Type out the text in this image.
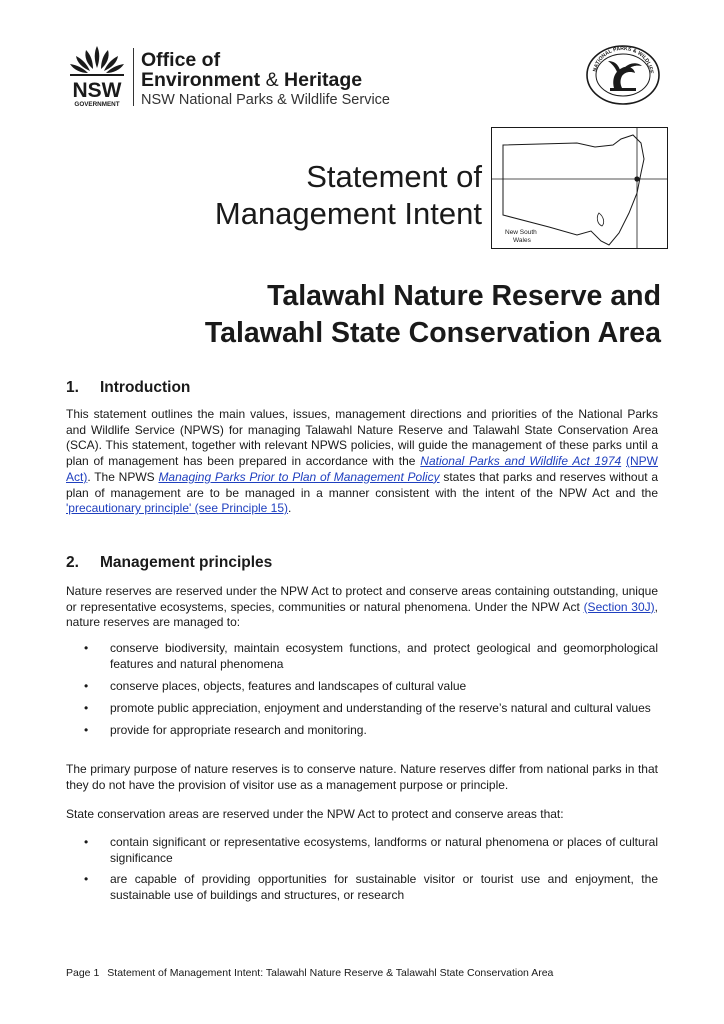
NSW
GOVERNMENT
Office of
Environment & Heritage
NSW National Parks & Wildlife Service
NATIONAL PARKS & WILDLIFE
Statement of
Management Intent
New South
Wales
Talawahl Nature Reserve and
Talawahl State Conservation Area
1. Introduction
This statement outlines the main values, issues, management directions and priorities of the National Parks and Wildlife Service (NPWS) for managing Talawahl Nature Reserve and Talawahl State Conservation Area (SCA). This statement, together with relevant NPWS policies, will guide the management of these parks until a plan of management has been prepared in accordance with the National Parks and Wildlife Act 1974 (NPW Act). The NPWS Managing Parks Prior to Plan of Management Policy states that parks and reserves without a plan of management are to be managed in a manner consistent with the intent of the NPW Act and the 'precautionary principle' (see Principle 15).
2. Management principles
Nature reserves are reserved under the NPW Act to protect and conserve areas containing outstanding, unique or representative ecosystems, species, communities or natural phenomena. Under the NPW Act (Section 30J), nature reserves are managed to:
• conserve biodiversity, maintain ecosystem functions, and protect geological and geomorphological features and natural phenomena
• conserve places, objects, features and landscapes of cultural value
• promote public appreciation, enjoyment and understanding of the reserve’s natural and cultural values
• provide for appropriate research and monitoring.
The primary purpose of nature reserves is to conserve nature. Nature reserves differ from national parks in that they do not have the provision of visitor use as a management purpose or principle.
State conservation areas are reserved under the NPW Act to protect and conserve areas that:
• contain significant or representative ecosystems, landforms or natural phenomena or places of cultural significance
• are capable of providing opportunities for sustainable visitor or tourist use and enjoyment, the sustainable use of buildings and structures, or research
Page 1 Statement of Management Intent: Talawahl Nature Reserve & Talawahl State Conservation Area
